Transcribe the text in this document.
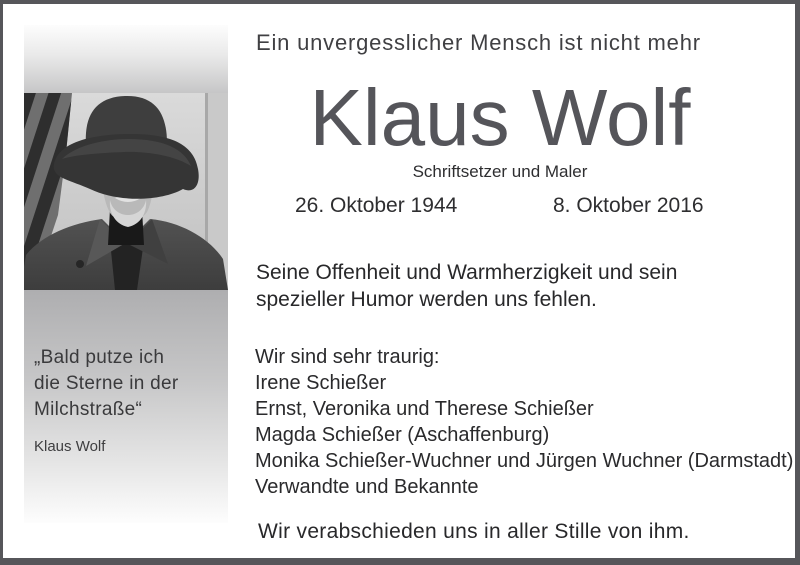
„Bald putze ich
die Sterne in der
Milchstraße“
Klaus Wolf
Ein unvergesslicher Mensch ist nicht mehr
Klaus Wolf
Schriftsetzer und Maler
26. Oktober 1944	8. Oktober 2016
Seine Offenheit und Warmherzigkeit und sein
spezieller Humor werden uns fehlen.
Wir sind sehr traurig:
Irene Schießer
Ernst, Veronika und Therese Schießer
Magda Schießer (Aschaffenburg)
Monika Schießer-Wuchner und Jürgen Wuchner (Darmstadt)
Verwandte und Bekannte
Wir verabschieden uns in aller Stille von ihm.
